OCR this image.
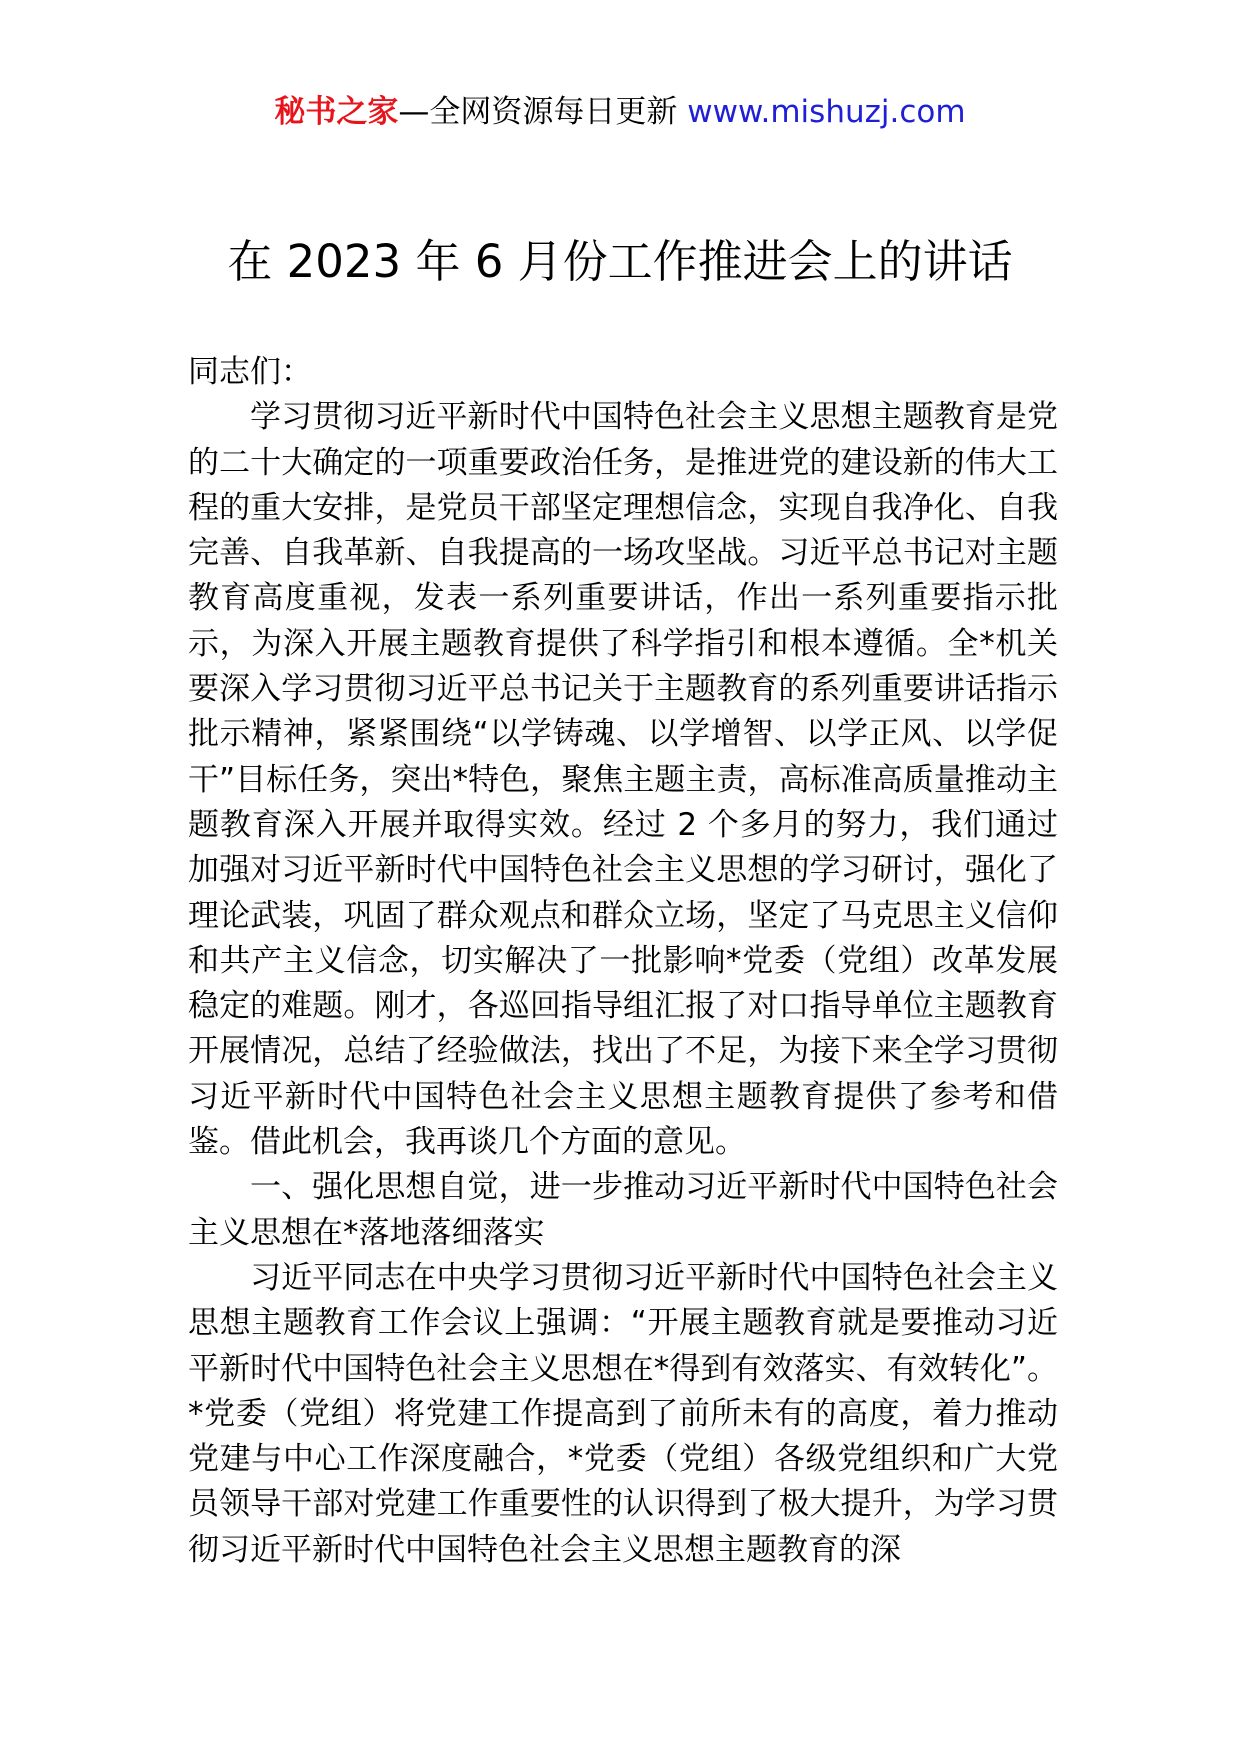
秘书之家—全网资源每日更新 www.mishuzj.com
在 2023 年 6 月份工作推进会上的讲话

同志们：

学习贯彻习近平新时代中国特色社会主义思想主题教育是党的二十大确定的一项重要政治任务，是推进党的建设新的伟大工程的重大安排，是党员干部坚定理想信念，实现自我净化、自我完善、自我革新、自我提高的一场攻坚战。习近平总书记对主题教育高度重视，发表一系列重要讲话，作出一系列重要指示批示，为深入开展主题教育提供了科学指引和根本遵循。全*机关要深入学习贯彻习近平总书记关于主题教育的系列重要讲话指示批示精神，紧紧围绕“以学铸魂、以学增智、以学正风、以学促干”目标任务，突出*特色，聚焦主题主责，高标准高质量推动主题教育深入开展并取得实效。经过 2 个多月的努力，我们通过加强对习近平新时代中国特色社会主义思想的学习研讨，强化了理论武装，巩固了群众观点和群众立场，坚定了马克思主义信仰和共产主义信念，切实解决了一批影响*党委（党组）改革发展稳定的难题。刚才，各巡回指导组汇报了对口指导单位主题教育开展情况，总结了经验做法，找出了不足，为接下来全学习贯彻习近平新时代中国特色社会主义思想主题教育提供了参考和借鉴。借此机会，我再谈几个方面的意见。

一、强化思想自觉，进一步推动习近平新时代中国特色社会主义思想在*落地落细落实

习近平同志在中央学习贯彻习近平新时代中国特色社会主义思想主题教育工作会议上强调：“开展主题教育就是要推动习近平新时代中国特色社会主义思想在*得到有效落实、有效转化”。*党委（党组）将党建工作提高到了前所未有的高度，着力推动党建与中心工作深度融合，*党委（党组）各级党组织和广大党员领导干部对党建工作重要性的认识得到了极大提升，为学习贯彻习近平新时代中国特色社会主义思想主题教育的深
